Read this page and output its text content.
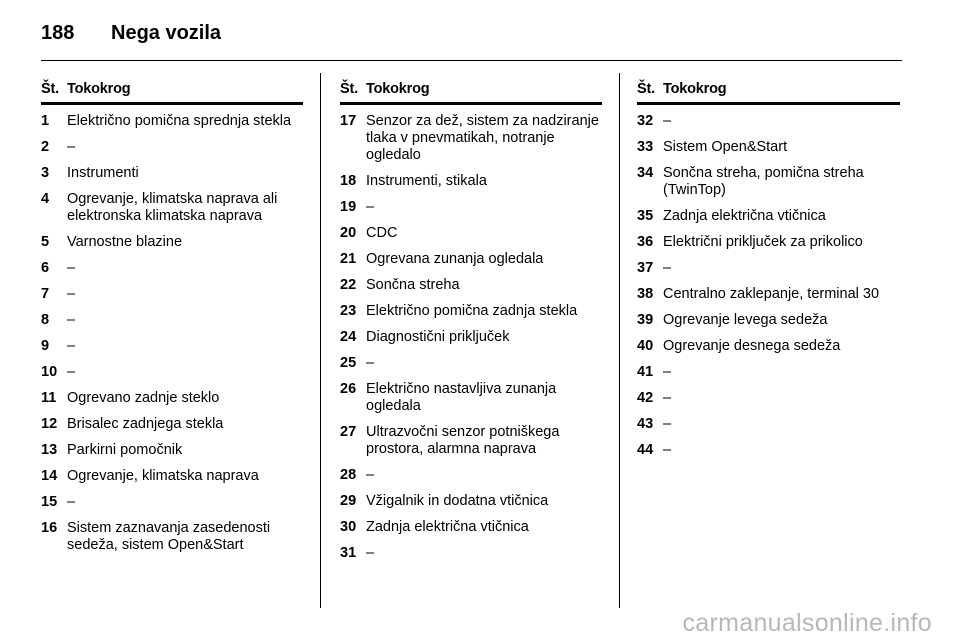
188 Nega vozila
Št. Tokokrog
1	Električno pomična sprednja stekla
2	–
3	Instrumenti
4	Ogrevanje, klimatska naprava ali elektronska klimatska naprava
5	Varnostne blazine
6	–
7	–
8	–
9	–
10 –
11 Ogrevano zadnje steklo
12 Brisalec zadnjega stekla
13 Parkirni pomočnik
14 Ogrevanje, klimatska naprava
15 –
16 Sistem zaznavanja zasedenosti sedeža, sistem Open&Start
Št. Tokokrog
17 Senzor za dež, sistem za nadziranje tlaka v pnevmatikah, notranje ogledalo
18 Instrumenti, stikala
19 –
20 CDC
21 Ogrevana zunanja ogledala
22 Sončna streha
23 Električno pomična zadnja stekla
24 Diagnostični priključek
25 –
26 Električno nastavljiva zunanja ogledala
27 Ultrazvočni senzor potniškega prostora, alarmna naprava
28 –
29 Vžigalnik in dodatna vtičnica
30 Zadnja električna vtičnica
31 –
Št. Tokokrog
32 –
33 Sistem Open&Start
34 Sončna streha, pomična streha (TwinTop)
35 Zadnja električna vtičnica
36 Električni priključek za prikolico
37 –
38 Centralno zaklepanje, terminal 30
39 Ogrevanje levega sedeža
40 Ogrevanje desnega sedeža
41 –
42 –
43 –
44 –
carmanualsonline.info
